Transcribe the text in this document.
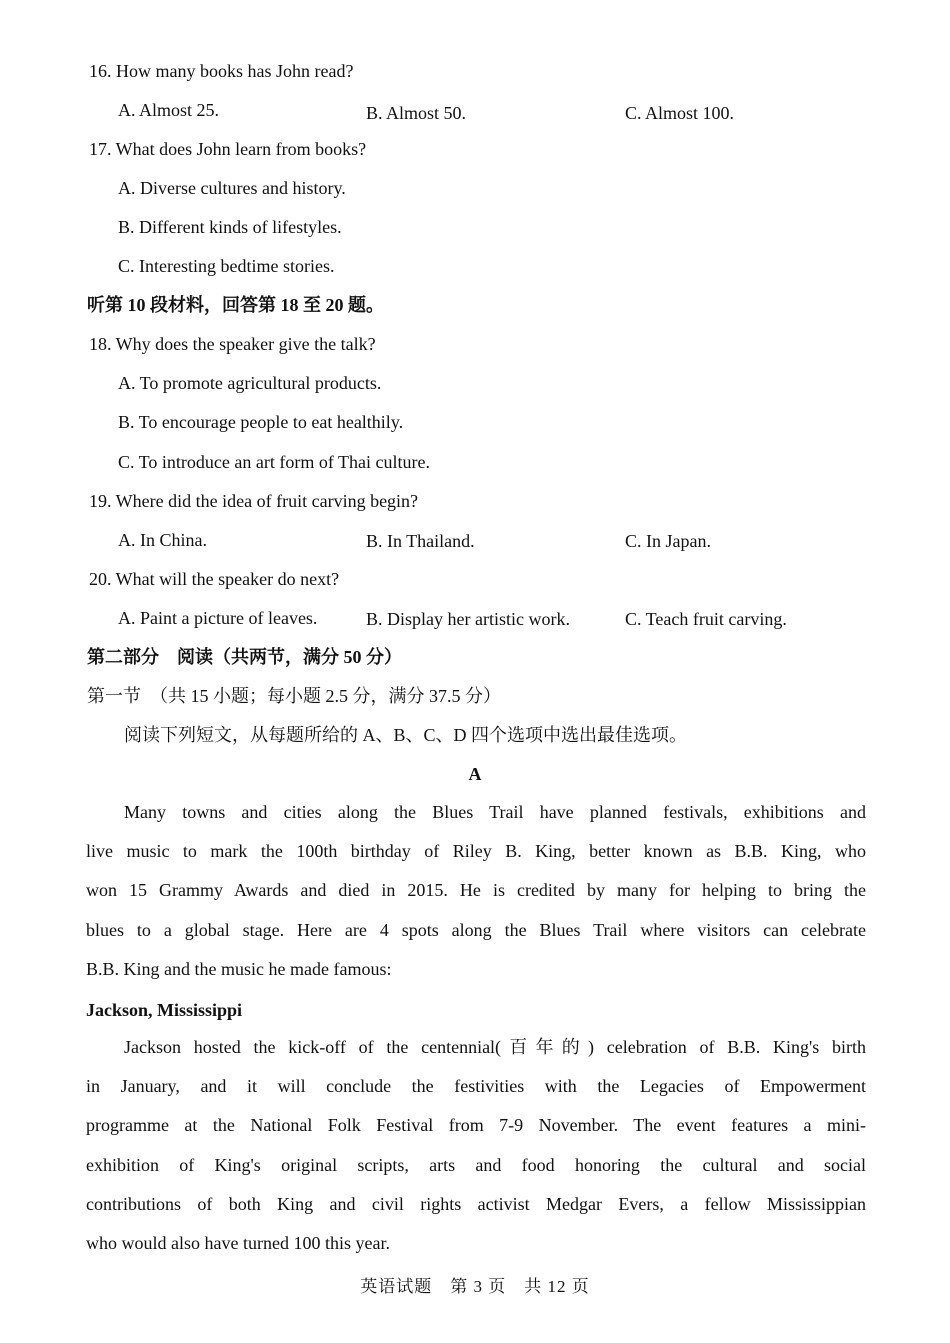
16. How many books has John read?
A. Almost 25.	B. Almost 50.	C. Almost 100.
17. What does John learn from books?
A. Diverse cultures and history.
B. Different kinds of lifestyles.
C. Interesting bedtime stories.
听第 10 段材料，回答第 18 至 20 题。
18. Why does the speaker give the talk?
A. To promote agricultural products.
B. To encourage people to eat healthily.
C. To introduce an art form of Thai culture.
19. Where did the idea of fruit carving begin?
A. In China.	B. In Thailand.	C. In Japan.
20. What will the speaker do next?
A. Paint a picture of leaves.	B. Display her artistic work.	C. Teach fruit carving.
第二部分　阅读（共两节，满分 50 分）
第一节　（共 15 小题；每小题 2.5 分，满分 37.5 分）
阅读下列短文，从每题所给的 A、B、C、D 四个选项中选出最佳选项。
A
Many towns and cities along the Blues Trail have planned festivals, exhibitions and
live music to mark the 100th birthday of Riley B. King, better known as B.B. King, who
won 15 Grammy Awards and died in 2015. He is credited by many for helping to bring the
blues to a global stage. Here are 4 spots along the Blues Trail where visitors can celebrate
B.B. King and the music he made famous:
Jackson, Mississippi
Jackson hosted the kick-off of the centennial(百年的) celebration of B.B. King's birth
in January, and it will conclude the festivities with the Legacies of Empowerment
programme at the National Folk Festival from 7-9 November. The event features a mini-
exhibition of King's original scripts, arts and food honoring the cultural and social
contributions of both King and civil rights activist Medgar Evers, a fellow Mississippian
who would also have turned 100 this year.
英语试题　第 3 页　共 12 页
